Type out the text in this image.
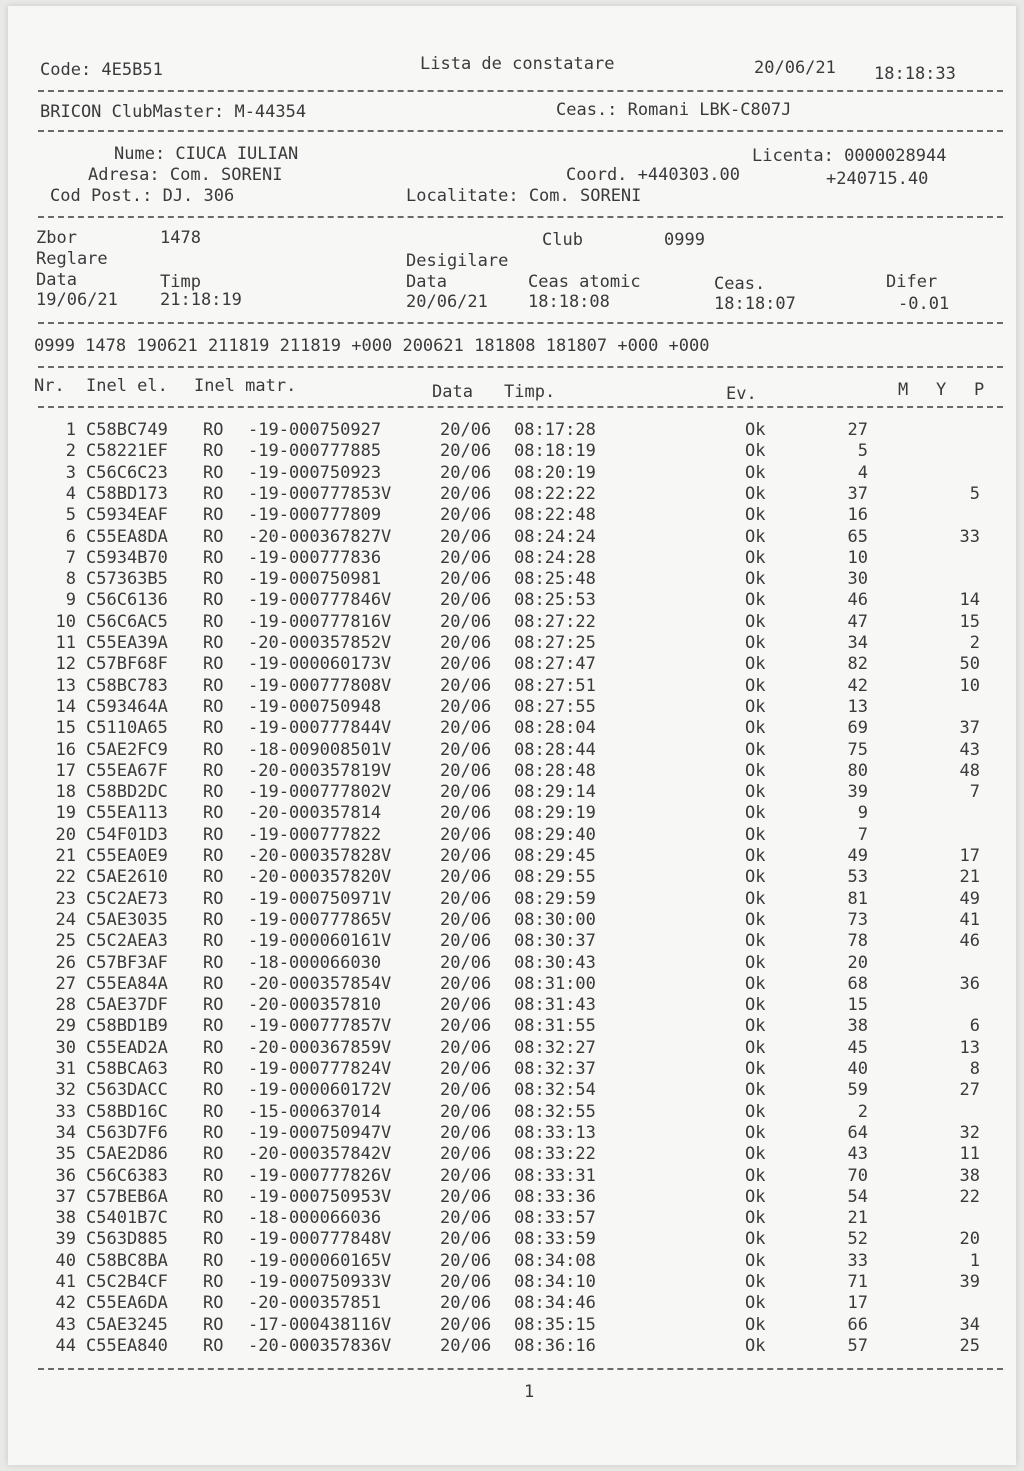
Code: 4E5B51	Lista de constatare	20/06/21 18:18:33
BRICON ClubMaster: M-44354	Ceas.: Romani LBK-C807J
Nume: CIUCA IULIAN	Licenta: 0000028944
Adresa: Com. SORENI	Coord. +440303.00	+240715.40
Cod Post.: DJ. 306	Localitate: Com. SORENI
Zbor	1478	Club	0999
Reglare	Desigilare
Data	Timp	Data	Ceas atomic	Ceas.	Difer
19/06/21 21:18:19	20/06/21 18:18:08	18:18:07	-0.01
0999 1478 190621 211819 211819 +000 200621 181808 181807 +000 +000
Nr. Inel el. Inel matr.	Data Timp.	Ev.	M Y P
1 C58BC749 RO -19-000750927	20/06 08:17:28	Ok	27
2 C58221EF RO -19-000777885	20/06 08:18:19	Ok	5
3 C56C6C23 RO -19-000750923	20/06 08:20:19	Ok	4
4 C58BD173 RO -19-000777853V	20/06 08:22:22	Ok	37	5
5 C5934EAF RO -19-000777809	20/06 08:22:48	Ok	16
6 C55EA8DA RO -20-000367827V	20/06 08:24:24	Ok	65	33
7 C5934B70 RO -19-000777836	20/06 08:24:28	Ok	10
8 C57363B5 RO -19-000750981	20/06 08:25:48	Ok	30
9 C56C6136 RO -19-000777846V	20/06 08:25:53	Ok	46	14
10 C56C6AC5 RO -19-000777816V	20/06 08:27:22	Ok	47	15
11 C55EA39A RO -20-000357852V	20/06 08:27:25	Ok	34	2
12 C57BF68F RO -19-000060173V	20/06 08:27:47	Ok	82	50
13 C58BC783 RO -19-000777808V	20/06 08:27:51	Ok	42	10
14 C593464A RO -19-000750948	20/06 08:27:55	Ok	13
15 C5110A65 RO -19-000777844V	20/06 08:28:04	Ok	69	37
16 C5AE2FC9 RO -18-009008501V	20/06 08:28:44	Ok	75	43
17 C55EA67F RO -20-000357819V	20/06 08:28:48	Ok	80	48
18 C58BD2DC RO -19-000777802V	20/06 08:29:14	Ok	39	7
19 C55EA113 RO -20-000357814	20/06 08:29:19	Ok	9
20 C54F01D3 RO -19-000777822	20/06 08:29:40	Ok	7
21 C55EA0E9 RO -20-000357828V	20/06 08:29:45	Ok	49	17
22 C5AE2610 RO -20-000357820V	20/06 08:29:55	Ok	53	21
23 C5C2AE73 RO -19-000750971V	20/06 08:29:59	Ok	81	49
24 C5AE3035 RO -19-000777865V	20/06 08:30:00	Ok	73	41
25 C5C2AEA3 RO -19-000060161V	20/06 08:30:37	Ok	78	46
26 C57BF3AF RO -18-000066030	20/06 08:30:43	Ok	20
27 C55EA84A RO -20-000357854V	20/06 08:31:00	Ok	68	36
28 C5AE37DF RO -20-000357810	20/06 08:31:43	Ok	15
29 C58BD1B9 RO -19-000777857V	20/06 08:31:55	Ok	38	6
30 C55EAD2A RO -20-000367859V	20/06 08:32:27	Ok	45	13
31 C58BCA63 RO -19-000777824V	20/06 08:32:37	Ok	40	8
32 C563DACC RO -19-000060172V	20/06 08:32:54	Ok	59	27
33 C58BD16C RO -15-000637014	20/06 08:32:55	Ok	2
34 C563D7F6 RO -19-000750947V	20/06 08:33:13	Ok	64	32
35 C5AE2D86 RO -20-000357842V	20/06 08:33:22	Ok	43	11
36 C56C6383 RO -19-000777826V	20/06 08:33:31	Ok	70	38
37 C57BEB6A RO -19-000750953V	20/06 08:33:36	Ok	54	22
38 C5401B7C RO -18-000066036	20/06 08:33:57	Ok	21
39 C563D885 RO -19-000777848V	20/06 08:33:59	Ok	52	20
40 C58BC8BA RO -19-000060165V	20/06 08:34:08	Ok	33	1
41 C5C2B4CF RO -19-000750933V	20/06 08:34:10	Ok	71	39
42 C55EA6DA RO -20-000357851	20/06 08:34:46	Ok	17
43 C5AE3245 RO -17-000438116V	20/06 08:35:15	Ok	66	34
44 C55EA840 RO -20-000357836V	20/06 08:36:16	Ok	57	25
1
